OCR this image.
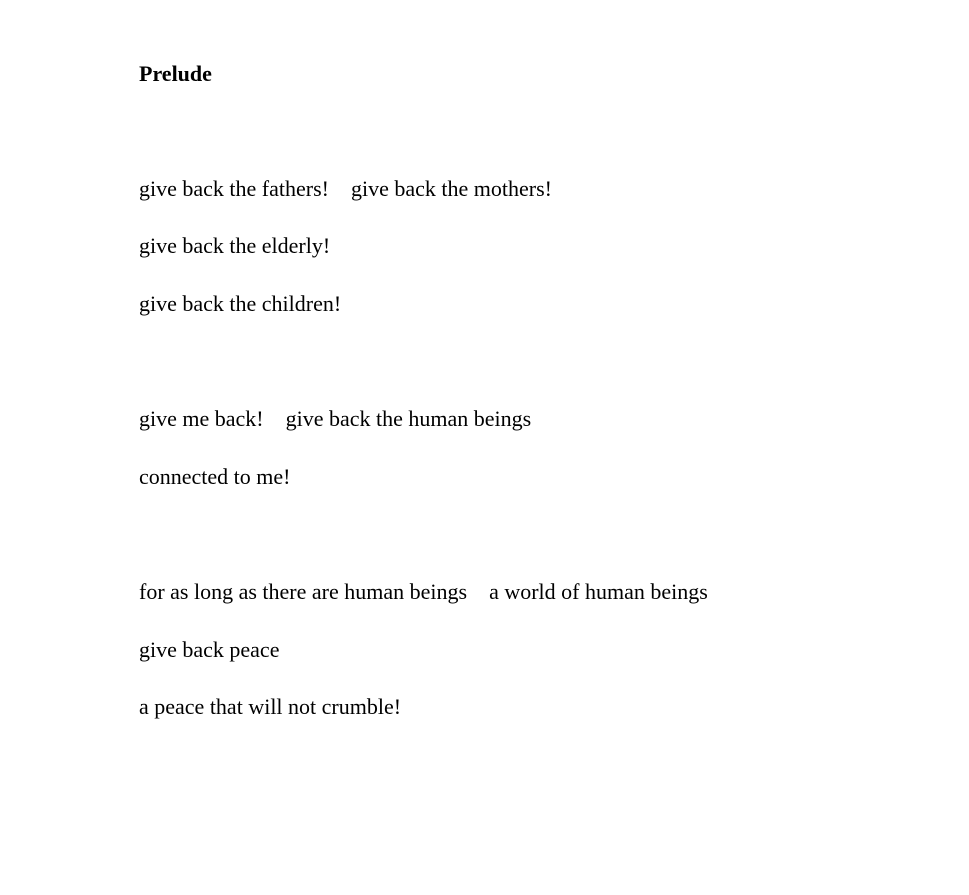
Prelude
give back the fathers! give back the mothers!
give back the elderly!
give back the children!
give me back! give back the human beings
connected to me!
for as long as there are human beings a world of human beings
give back peace
a peace that will not crumble!
